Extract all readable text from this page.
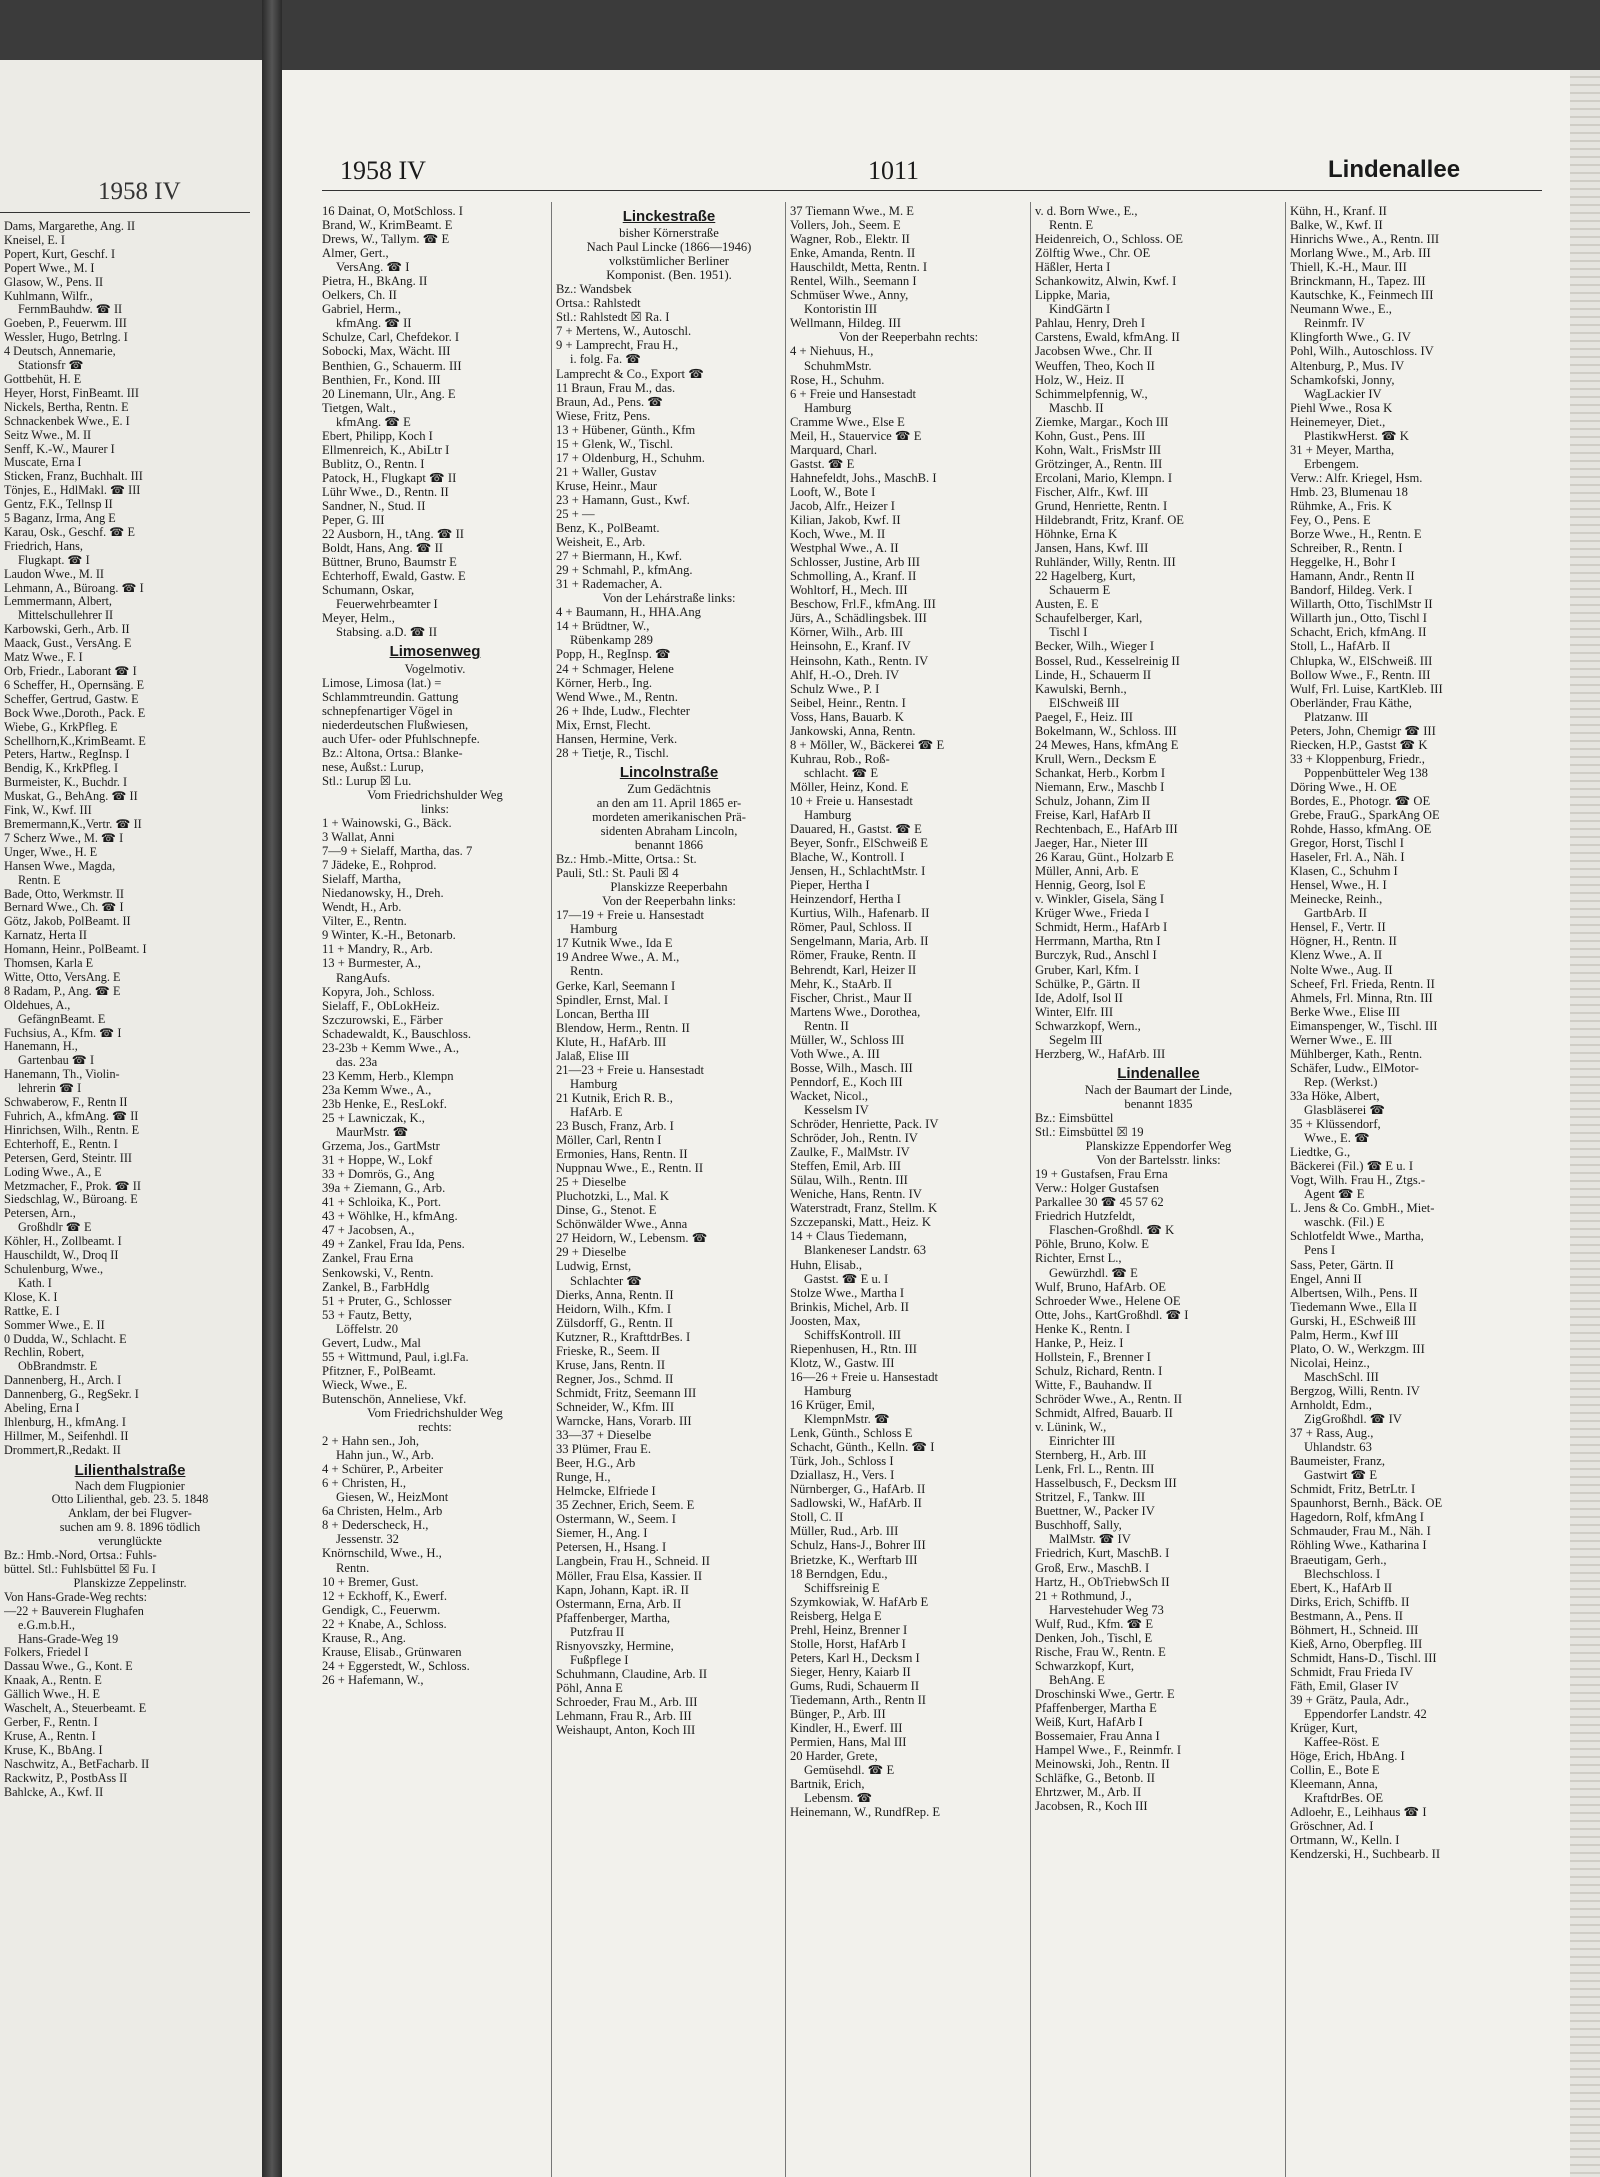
1958 IV
Dams, Margarethe, Ang. II
Kneisel, E. I
Popert, Kurt, Geschf. I
Popert Wwe., M. I
Glasow, W., Pens. II
Kuhlmann, Wilfr.,
FernmBauhdw. ☎ II
Goeben, P., Feuerwm. III
Wessler, Hugo, Betrlng. I
4 Deutsch, Annemarie,
Stationsfr ☎
Gottbehüt, H. E
Heyer, Horst, FinBeamt. III
Nickels, Bertha, Rentn. E
Schnackenbek Wwe., E. I
Seitz Wwe., M. II
Senff, K.-W., Maurer I
Muscate, Erna I
Sticken, Franz, Buchhalt. III
Tönjes, E., HdlMakl. ☎ III
Gentz, F.K., Tellnsp II
5 Baganz, Irma, Ang E
Karau, Osk., Geschf. ☎ E
Friedrich, Hans,
Flugkapt. ☎ I
Laudon Wwe., M. II
Lehmann, A., Büroang. ☎ I
Lemmermann, Albert,
Mittelschullehrer II
Karbowski, Gerh., Arb. II
Maack, Gust., VersAng. E
Matz Wwe., F. I
Orb, Friedr., Laborant ☎ I
6 Scheffer, H., Opernsäng. E
Scheffer, Gertrud, Gastw. E
Bock Wwe.,Doroth., Pack. E
Wiebe, G., KrkPfleg. E
Schellhorn,K.,KrimBeamt. E
Peters, Hartw., RegInsp. I
Bendig, K., KrkPfleg. I
Burmeister, K., Buchdr. I
Muskat, G., BehAng. ☎ II
Fink, W., Kwf. III
Bremermann,K.,Vertr. ☎ II
7 Scherz Wwe., M. ☎ I
Unger, Wwe., H. E
Hansen Wwe., Magda,
Rentn. E
Bade, Otto, Werkmstr. II
Bernard Wwe., Ch. ☎ I
Götz, Jakob, PolBeamt. II
Karnatz, Herta II
Homann, Heinr., PolBeamt. I
Thomsen, Karla E
Witte, Otto, VersAng. E
8 Radam, P., Ang. ☎ E
Oldehues, A.,
GefängnBeamt. E
Fuchsius, A., Kfm. ☎ I
Hanemann, H.,
Gartenbau ☎ I
Hanemann, Th., Violin-
lehrerin ☎ I
Schwaberow, F., Rentn II
Fuhrich, A., kfmAng. ☎ II
Hinrichsen, Wilh., Rentn. E
Echterhoff, E., Rentn. I
Petersen, Gerd, Steintr. III
Loding Wwe., A., E
Metzmacher, F., Prok. ☎ II
Siedschlag, W., Büroang. E
Petersen, Arn.,
Großhdlr ☎ E
Köhler, H., Zollbeamt. I
Hauschildt, W., Droq II
Schulenburg, Wwe.,
Kath. I
Klose, K. I
Rattke, E. I
Sommer Wwe., E. II
0 Dudda, W., Schlacht. E
Rechlin, Robert,
ObBrandmstr. E
Dannenberg, H., Arch. I
Dannenberg, G., RegSekr. I
Abeling, Erna I
Ihlenburg, H., kfmAng. I
Hillmer, M., Seifenhdl. II
Drommert,R.,Redakt. II
Lilienthalstraße
Nach dem Flugpionier
Otto Lilienthal, geb. 23. 5. 1848
Anklam, der bei Flugver-
suchen am 9. 8. 1896 tödlich
verunglückte
Bz.: Hmb.-Nord, Ortsa.: Fuhls-
büttel. Stl.: Fuhlsbüttel ☒ Fu. I
Planskizze Zeppelinstr.
Von Hans-Grade-Weg rechts:
—22 + Bauverein Flughafen
e.G.m.b.H.,
Hans-Grade-Weg 19
Folkers, Friedel I
Dassau Wwe., G., Kont. E
Knaak, A., Rentn. E
Gällich Wwe., H. E
Waschelt, A., Steuerbeamt. E
Gerber, F., Rentn. I
Kruse, A., Rentn. I
Kruse, K., BbAng. I
Naschwitz, A., BetFacharb. II
Rackwitz, P., PostbAss II
Bahlcke, A., Kwf. II
1958 IV	1011	Lindenallee
16 Dainat, O, MotSchloss. I
Brand, W., KrimBeamt. E
Drews, W., Tallym. ☎ E
Almer, Gert.,
VersAng. ☎ I
Pietra, H., BkAng. II
Oelkers, Ch. II
Gabriel, Herm.,
kfmAng. ☎ II
Schulze, Carl, Chefdekor. I
Sobocki, Max, Wächt. III
Benthien, G., Schauerm. III
Benthien, Fr., Kond. III
20 Linemann, Ulr., Ang. E
Tietgen, Walt.,
kfmAng. ☎ E
Ebert, Philipp, Koch I
Ellmenreich, K., AbiLtr I
Bublitz, O., Rentn. I
Patock, H., Flugkapt ☎ II
Lühr Wwe., D., Rentn. II
Sandner, N., Stud. II
Peper, G. III
22 Ausborn, H., tAng. ☎ II
Boldt, Hans, Ang. ☎ II
Büttner, Bruno, Baumstr E
Echterhoff, Ewald, Gastw. E
Schumann, Oskar,
Feuerwehrbeamter I
Meyer, Helm.,
Stabsing. a.D. ☎ II
Limosenweg
Vogelmotiv.
Limose, Limosa (lat.) =
Schlammtreundin. Gattung
schnepfenartiger Vögel in
niederdeutschen Flußwiesen,
auch Ufer- oder Pfuhlschnepfe.
Bz.: Altona, Ortsa.: Blanke-
nese, Außst.: Lurup,
Stl.: Lurup ☒ Lu.
Vom Friedrichshulder Weg
links:
1 + Wainowski, G., Bäck.
3 Wallat, Anni
7—9 + Sielaff, Martha, das. 7
7 Jädeke, E., Rohprod.
Sielaff, Martha,
Niedanowsky, H., Dreh.
Wendt, H., Arb.
Vilter, E., Rentn.
9 Winter, K.-H., Betonarb.
11 + Mandry, R., Arb.
13 + Burmester, A.,
RangAufs.
Kopyra, Joh., Schloss.
Sielaff, F., ObLokHeiz.
Szczurowski, E., Färber
Schadewaldt, K., Bauschloss.
23-23b + Kemm Wwe., A.,
das. 23a
23 Kemm, Herb., Klempn
23a Kemm Wwe., A.,
23b Henke, E., ResLokf.
25 + Lawniczak, K.,
MaurMstr. ☎
Grzema, Jos., GartMstr
31 + Hoppe, W., Lokf
33 + Domrös, G., Ang
39a + Ziemann, G., Arb.
41 + Schloika, K., Port.
43 + Wöhlke, H., kfmAng.
47 + Jacobsen, A.,
49 + Zankel, Frau Ida, Pens.
Zankel, Frau Erna
Senkowski, V., Rentn.
Zankel, B., FarbHdlg
51 + Pruter, G., Schlosser
53 + Fautz, Betty,
Löffelstr. 20
Gevert, Ludw., Mal
55 + Wittmund, Paul, i.gl.Fa.
Pfitzner, F., PolBeamt.
Wieck, Wwe., E.
Butenschön, Anneliese, Vkf.
Vom Friedrichshulder Weg
rechts:
2 + Hahn sen., Joh,
Hahn jun., W., Arb.
4 + Schürer, P., Arbeiter
6 + Christen, H.,
Giesen, W., HeizMont
6a Christen, Helm., Arb
8 + Dederscheck, H.,
Jessenstr. 32
Knörnschild, Wwe., H.,
Rentn.
10 + Bremer, Gust.
12 + Eckhoff, K., Ewerf.
Gendigk, C., Feuerwm.
22 + Knabe, A., Schloss.
Krause, R., Ang.
Krause, Elisab., Grünwaren
24 + Eggerstedt, W., Schloss.
26 + Hafemann, W.,
Linckestraße
bisher Körnerstraße
Nach Paul Lincke (1866—1946)
volkstümlicher Berliner
Komponist. (Ben. 1951).
Bz.: Wandsbek
Ortsa.: Rahlstedt
Stl.: Rahlstedt ☒ Ra. I
7 + Mertens, W., Autoschl.
9 + Lamprecht, Frau H.,
i. folg. Fa. ☎
Lamprecht & Co., Export ☎
11 Braun, Frau M., das.
Braun, Ad., Pens. ☎
Wiese, Fritz, Pens.
13 + Hübener, Günth., Kfm
15 + Glenk, W., Tischl.
17 + Oldenburg, H., Schuhm.
21 + Waller, Gustav
Kruse, Heinr., Maur
23 + Hamann, Gust., Kwf.
25 + —
Benz, K., PolBeamt.
Weisheit, E., Arb.
27 + Biermann, H., Kwf.
29 + Schmahl, P., kfmAng.
31 + Rademacher, A.
Von der Lehárstraße links:
4 + Baumann, H., HHA.Ang
14 + Brüdtner, W.,
Rübenkamp 289
Popp, H., RegInsp. ☎
24 + Schmager, Helene
Körner, Herb., Ing.
Wend Wwe., M., Rentn.
26 + Ihde, Ludw., Flechter
Mix, Ernst, Flecht.
Hansen, Hermine, Verk.
28 + Tietje, R., Tischl.
Lincolnstraße
Zum Gedächtnis
an den am 11. April 1865 er-
mordeten amerikanischen Prä-
sidenten Abraham Lincoln,
benannt 1866
Bz.: Hmb.-Mitte, Ortsa.: St.
Pauli, Stl.: St. Pauli ☒ 4
Planskizze Reeperbahn
Von der Reeperbahn links:
17—19 + Freie u. Hansestadt
Hamburg
17 Kutnik Wwe., Ida E
19 Andree Wwe., A. M.,
Rentn.
Gerke, Karl, Seemann I
Spindler, Ernst, Mal. I
Loncan, Bertha III
Blendow, Herm., Rentn. II
Klute, H., HafArb. III
Jalaß, Elise III
21—23 + Freie u. Hansestadt
Hamburg
21 Kutnik, Erich R. B.,
HafArb. E
23 Busch, Franz, Arb. I
Möller, Carl, Rentn I
Ermonies, Hans, Rentn. II
Nuppnau Wwe., E., Rentn. II
25 + Dieselbe
Pluchotzki, L., Mal. K
Dinse, G., Stenot. E
Schönwälder Wwe., Anna
27 Heidorn, W., Lebensm. ☎
29 + Dieselbe
Ludwig, Ernst,
Schlachter ☎
Dierks, Anna, Rentn. II
Heidorn, Wilh., Kfm. I
Zülsdorff, G., Rentn. II
Kutzner, R., KrafttdrBes. I
Frieske, R., Seem. II
Kruse, Jans, Rentn. II
Regner, Jos., Schmd. II
Schmidt, Fritz, Seemann III
Schneider, W., Kfm. III
Warncke, Hans, Vorarb. III
33—37 + Dieselbe
33 Plümer, Frau E.
Beer, H.G., Arb
Runge, H.,
Helmcke, Elfriede I
35 Zechner, Erich, Seem. E
Ostermann, W., Seem. I
Siemer, H., Ang. I
Petersen, H., Hsang. I
Langbein, Frau H., Schneid. II
Möller, Frau Elsa, Kassier. II
Kapn, Johann, Kapt. iR. II
Ostermann, Erna, Arb. II
Pfaffenberger, Martha,
Putzfrau II
Risnyovszky, Hermine,
Fußpflege I
Schuhmann, Claudine, Arb. II
Pöhl, Anna E
Schroeder, Frau M., Arb. III
Lehmann, Frau R., Arb. III
Weishaupt, Anton, Koch III
37 Tiemann Wwe., M. E
Vollers, Joh., Seem. E
Wagner, Rob., Elektr. II
Enke, Amanda, Rentn. II
Hauschildt, Metta, Rentn. I
Rentel, Wilh., Seemann I
Schmüser Wwe., Anny,
Kontoristin III
Wellmann, Hildeg. III
Von der Reeperbahn rechts:
4 + Niehuus, H.,
SchuhmMstr.
Rose, H., Schuhm.
6 + Freie und Hansestadt
Hamburg
Cramme Wwe., Else E
Meil, H., Stauervice ☎ E
Marquard, Charl.
Gastst. ☎ E
Hahnefeldt, Johs., MaschB. I
Looft, W., Bote I
Jacob, Alfr., Heizer I
Kilian, Jakob, Kwf. II
Koch, Wwe., M. II
Westphal Wwe., A. II
Schlosser, Justine, Arb III
Schmolling, A., Kranf. II
Wohltorf, H., Mech. III
Beschow, Frl.F., kfmAng. III
Jürs, A., Schädlingsbek. III
Körner, Wilh., Arb. III
Heinsohn, E., Kranf. IV
Heinsohn, Kath., Rentn. IV
Ahlf, H.-O., Dreh. IV
Schulz Wwe., P. I
Seibel, Heinr., Rentn. I
Voss, Hans, Bauarb. K
Jankowski, Anna, Rentn.
8 + Möller, W., Bäckerei ☎ E
Kuhrau, Rob., Roß-
schlacht. ☎ E
Möller, Heinz, Kond. E
10 + Freie u. Hansestadt
Hamburg
Dauared, H., Gastst. ☎ E
Beyer, Sonfr., ElSchweiß E
Blache, W., Kontroll. I
Jensen, H., SchlachtMstr. I
Pieper, Hertha I
Heinzendorf, Hertha I
Kurtius, Wilh., Hafenarb. II
Römer, Paul, Schloss. II
Sengelmann, Maria, Arb. II
Römer, Frauke, Rentn. II
Behrendt, Karl, Heizer II
Mehr, K., StaArb. II
Fischer, Christ., Maur II
Martens Wwe., Dorothea,
Rentn. II
Müller, W., Schloss III
Voth Wwe., A. III
Bosse, Wilh., Masch. III
Penndorf, E., Koch III
Wacket, Nicol.,
Kesselsm IV
Schröder, Henriette, Pack. IV
Schröder, Joh., Rentn. IV
Zaulke, F., MalMstr. IV
Steffen, Emil, Arb. III
Sülau, Wilh., Rentn. III
Weniche, Hans, Rentn. IV
Waterstradt, Franz, Stellm. K
Szczepanski, Matt., Heiz. K
14 + Claus Tiedemann,
Blankeneser Landstr. 63
Huhn, Elisab.,
Gastst. ☎ E u. I
Stolze Wwe., Martha I
Brinkis, Michel, Arb. II
Joosten, Max,
SchiffsKontroll. III
Riepenhusen, H., Rtn. III
Klotz, W., Gastw. III
16—26 + Freie u. Hansestadt
Hamburg
16 Krüger, Emil,
KlempnMstr. ☎
Lenk, Günth., Schloss E
Schacht, Günth., Kelln. ☎ I
Türk, Joh., Schloss I
Dziallasz, H., Vers. I
Nürnberger, G., HafArb. II
Sadlowski, W., HafArb. II
Stoll, C. II
Müller, Rud., Arb. III
Schulz, Hans-J., Bohrer III
Brietzke, K., Werftarb III
18 Berndgen, Edu.,
Schiffsreinig E
Szymkowiak, W. HafArb E
Reisberg, Helga E
Prehl, Heinz, Brenner I
Stolle, Horst, HafArb I
Peters, Karl H., Decksm I
Sieger, Henry, Kaiarb II
Gums, Rudi, Schauerm II
Tiedemann, Arth., Rentn II
Bünger, P., Arb. III
Kindler, H., Ewerf. III
Permien, Hans, Mal III
20 Harder, Grete,
Gemüsehdl. ☎ E
Bartnik, Erich,
Lebensm. ☎
Heinemann, W., RundfRep. E
v. d. Born Wwe., E.,
Rentn. E
Heidenreich, O., Schloss. OE
Zölftig Wwe., Chr. OE
Häßler, Herta I
Schankowitz, Alwin, Kwf. I
Lippke, Maria,
KindGärtn I
Pahlau, Henry, Dreh I
Carstens, Ewald, kfmAng. II
Jacobsen Wwe., Chr. II
Weuffen, Theo, Koch II
Holz, W., Heiz. II
Schimmelpfennig, W.,
Maschb. II
Ziemke, Margar., Koch III
Kohn, Gust., Pens. III
Kohn, Walt., FrisMstr III
Grötzinger, A., Rentn. III
Ercolani, Mario, Klempn. I
Fischer, Alfr., Kwf. III
Grund, Henriette, Rentn. I
Hildebrandt, Fritz, Kranf. OE
Höhnke, Erna K
Jansen, Hans, Kwf. III
Ruhländer, Willy, Rentn. III
22 Hagelberg, Kurt,
Schauerm E
Austen, E. E
Schaufelberger, Karl,
Tischl I
Becker, Wilh., Wieger I
Bossel, Rud., Kesselreinig II
Linde, H., Schauerm II
Kawulski, Bernh.,
ElSchweiß III
Paegel, F., Heiz. III
Bokelmann, W., Schloss. III
24 Mewes, Hans, kfmAng E
Krull, Wern., Decksm E
Schankat, Herb., Korbm I
Niemann, Erw., Maschb I
Schulz, Johann, Zim II
Freise, Karl, HafArb II
Rechtenbach, E., HafArb III
Jaeger, Har., Nieter III
26 Karau, Günt., Holzarb E
Müller, Anni, Arb. E
Hennig, Georg, Isol E
v. Winkler, Gisela, Säng I
Krüger Wwe., Frieda I
Schmidt, Herm., HafArb I
Herrmann, Martha, Rtn I
Burczyk, Rud., Anschl I
Gruber, Karl, Kfm. I
Schülke, P., Gärtn. II
Ide, Adolf, Isol II
Winter, Elfr. III
Schwarzkopf, Wern.,
Segelm III
Herzberg, W., HafArb. III
Lindenallee
Nach der Baumart der Linde,
benannt 1835
Bz.: Eimsbüttel
Stl.: Eimsbüttel ☒ 19
Planskizze Eppendorfer Weg
Von der Bartelsstr. links:
19 + Gustafsen, Frau Erna
Verw.: Holger Gustafsen
Parkallee 30 ☎ 45 57 62
Friedrich Hutzfeldt,
Flaschen-Großhdl. ☎ K
Pöhle, Bruno, Kolw. E
Richter, Ernst L.,
Gewürzhdl. ☎ E
Wulf, Bruno, HafArb. OE
Schroeder Wwe., Helene OE
Otte, Johs., KartGroßhdl. ☎ I
Henke K., Rentn. I
Hanke, P., Heiz. I
Hollstein, F., Brenner I
Schulz, Richard, Rentn. I
Witte, F., Bauhandw. II
Schröder Wwe., A., Rentn. II
Schmidt, Alfred, Bauarb. II
v. Lünink, W.,
Einrichter III
Sternberg, H., Arb. III
Lenk, Frl. L., Rentn. III
Hasselbusch, F., Decksm III
Stritzel, F., Tankw. III
Buettner, W., Packer IV
Buschhoff, Sally,
MalMstr. ☎ IV
Friedrich, Kurt, MaschB. I
Groß, Erw., MaschB. I
Hartz, H., ObTriebwSch II
21 + Rothmund, J.,
Harvestehuder Weg 73
Wulf, Rud., Kfm. ☎ E
Denken, Joh., Tischl, E
Rische, Frau W., Rentn. E
Schwarzkopf, Kurt,
BehAng. E
Droschinski Wwe., Gertr. E
Pfaffenberger, Martha E
Weiß, Kurt, HafArb I
Bossemaier, Frau Anna I
Hampel Wwe., F., Reinmfr. I
Meinowski, Joh., Rentn. II
Schläfke, G., Betonb. II
Ehrtzwer, M., Arb. II
Jacobsen, R., Koch III
Kühn, H., Kranf. II
Balke, W., Kwf. II
Hinrichs Wwe., A., Rentn. III
Morlang Wwe., M., Arb. III
Thiell, K.-H., Maur. III
Brinckmann, H., Tapez. III
Kautschke, K., Feinmech III
Neumann Wwe., E.,
Reinmfr. IV
Klingforth Wwe., G. IV
Pohl, Wilh., Autoschloss. IV
Altenburg, P., Mus. IV
Schamkofski, Jonny,
WagLackier IV
Piehl Wwe., Rosa K
Heinemeyer, Diet.,
PlastikwHerst. ☎ K
31 + Meyer, Martha,
Erbengem.
Verw.: Alfr. Kriegel, Hsm.
Hmb. 23, Blumenau 18
Rühmke, A., Fris. K
Fey, O., Pens. E
Borze Wwe., H., Rentn. E
Schreiber, R., Rentn. I
Heggelke, H., Bohr I
Hamann, Andr., Rentn II
Bandorf, Hildeg. Verk. I
Willarth, Otto, TischlMstr II
Willarth jun., Otto, Tischl I
Schacht, Erich, kfmAng. II
Stoll, L., HafArb. II
Chlupka, W., ElSchweiß. III
Bollow Wwe., F., Rentn. III
Wulf, Frl. Luise, KartKleb. III
Oberländer, Frau Käthe,
Platzanw. III
Peters, John, Chemigr ☎ III
Riecken, H.P., Gastst ☎ K
33 + Kloppenburg, Friedr.,
Poppenbütteler Weg 138
Döring Wwe., H. OE
Bordes, E., Photogr. ☎ OE
Grebe, FrauG., SparkAng OE
Rohde, Hasso, kfmAng. OE
Gregor, Horst, Tischl I
Haseler, Frl. A., Näh. I
Klasen, C., Schuhm I
Hensel, Wwe., H. I
Meinecke, Reinh.,
GartbArb. II
Hensel, F., Vertr. II
Högner, H., Rentn. II
Klenz Wwe., A. II
Nolte Wwe., Aug. II
Scheef, Frl. Frieda, Rentn. II
Ahmels, Frl. Minna, Rtn. III
Berke Wwe., Elise III
Eimanspenger, W., Tischl. III
Werner Wwe., E. III
Mühlberger, Kath., Rentn.
Schäfer, Ludw., ElMotor-
Rep. (Werkst.)
33a Höke, Albert,
Glasbläserei ☎
35 + Klüssendorf,
Wwe., E. ☎
Liedtke, G.,
Bäckerei (Fil.) ☎ E u. I
Vogt, Wilh. Frau H., Ztgs.-
Agent ☎ E
L. Jens & Co. GmbH., Miet-
waschk. (Fil.) E
Schlotfeldt Wwe., Martha,
Pens I
Sass, Peter, Gärtn. II
Engel, Anni II
Albertsen, Wilh., Pens. II
Tiedemann Wwe., Ella II
Gurski, H., ESchweiß III
Palm, Herm., Kwf III
Plato, O. W., Werkzgm. III
Nicolai, Heinz.,
MaschSchl. III
Bergzog, Willi, Rentn. IV
Arnholdt, Edm.,
ZigGroßhdl. ☎ IV
37 + Rass, Aug.,
Uhlandstr. 63
Baumeister, Franz,
Gastwirt ☎ E
Schmidt, Fritz, BetrLtr. I
Spaunhorst, Bernh., Bäck. OE
Hagedorn, Rolf, kfmAng I
Schmauder, Frau M., Näh. I
Röhling Wwe., Katharina I
Braeutigam, Gerh.,
Blechschloss. I
Ebert, K., HafArb II
Dirks, Erich, Schiffb. II
Bestmann, A., Pens. II
Böhmert, H., Schneid. III
Kieß, Arno, Oberpfleg. III
Schmidt, Hans-D., Tischl. III
Schmidt, Frau Frieda IV
Fäth, Emil, Glaser IV
39 + Grätz, Paula, Adr.,
Eppendorfer Landstr. 42
Krüger, Kurt,
Kaffee-Röst. E
Höge, Erich, HbAng. I
Collin, E., Bote E
Kleemann, Anna,
KraftdrBes. OE
Adloehr, E., Leihhaus ☎ I
Gröschner, Ad. I
Ortmann, W., Kelln. I
Kendzerski, H., Suchbearb. II
